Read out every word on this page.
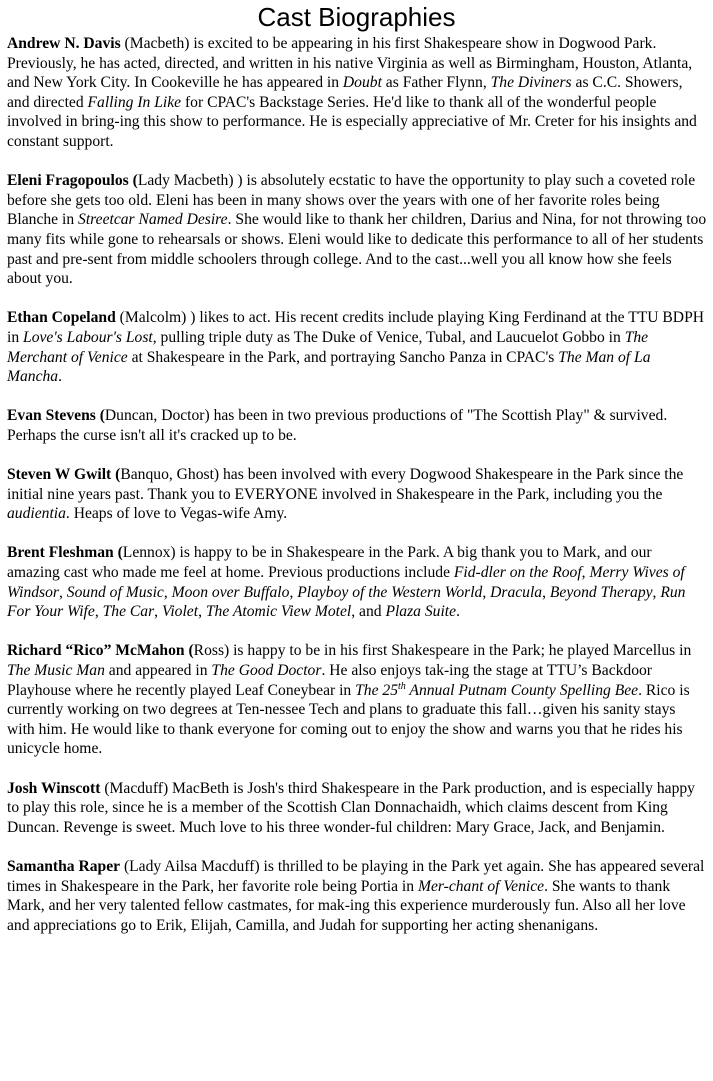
Cast Biographies

Andrew N. Davis (Macbeth) is excited to be appearing in his first Shakespeare show in Dogwood Park. Previously, he has acted, directed, and written in his native Virginia as well as Birmingham, Houston, Atlanta, and New York City. In Cookeville he has appeared in Doubt as Father Flynn, The Diviners as C.C. Showers, and directed Falling In Like for CPAC's Backstage Series. He'd like to thank all of the wonderful people involved in bring-ing this show to performance. He is especially appreciative of Mr. Creter for his insights and constant support.

Eleni Fragopoulos (Lady Macbeth) ) is absolutely ecstatic to have the opportunity to play such a coveted role before she gets too old. Eleni has been in many shows over the years with one of her favorite roles being Blanche in Streetcar Named Desire. She would like to thank her children, Darius and Nina, for not throwing too many fits while gone to rehearsals or shows. Eleni would like to dedicate this performance to all of her students past and pre-sent from middle schoolers through college. And to the cast...well you all know how she feels about you.

Ethan Copeland (Malcolm) ) likes to act. His recent credits include playing King Ferdinand at the TTU BDPH in Love's Labour's Lost, pulling triple duty as The Duke of Venice, Tubal, and Laucuelot Gobbo in The Merchant of Venice at Shakespeare in the Park, and portraying Sancho Panza in CPAC's The Man of La Mancha.

Evan Stevens (Duncan, Doctor) has been in two previous productions of "The Scottish Play" & survived. Perhaps the curse isn't all it's cracked up to be.

Steven W Gwilt (Banquo, Ghost) has been involved with every Dogwood Shakespeare in the Park since the initial nine years past. Thank you to EVERYONE involved in Shakespeare in the Park, including you the audientia. Heaps of love to Vegas-wife Amy.

Brent Fleshman (Lennox) is happy to be in Shakespeare in the Park. A big thank you to Mark, and our amazing cast who made me feel at home. Previous productions include Fid-dler on the Roof, Merry Wives of Windsor, Sound of Music, Moon over Buffalo, Playboy of the Western World, Dracula, Beyond Therapy, Run For Your Wife, The Car, Violet, The Atomic View Motel, and Plaza Suite.

Richard “Rico” McMahon (Ross) is happy to be in his first Shakespeare in the Park; he played Marcellus in The Music Man and appeared in The Good Doctor. He also enjoys tak-ing the stage at TTU’s Backdoor Playhouse where he recently played Leaf Coneybear in The 25th Annual Putnam County Spelling Bee. Rico is currently working on two degrees at Ten-nessee Tech and plans to graduate this fall…given his sanity stays with him. He would like to thank everyone for coming out to enjoy the show and warns you that he rides his unicycle home.

Josh Winscott (Macduff) MacBeth is Josh's third Shakespeare in the Park production, and is especially happy to play this role, since he is a member of the Scottish Clan Donnachaidh, which claims descent from King Duncan. Revenge is sweet. Much love to his three wonder-ful children: Mary Grace, Jack, and Benjamin.

Samantha Raper (Lady Ailsa Macduff) is thrilled to be playing in the Park yet again. She has appeared several times in Shakespeare in the Park, her favorite role being Portia in Mer-chant of Venice. She wants to thank Mark, and her very talented fellow castmates, for mak-ing this experience murderously fun. Also all her love and appreciations go to Erik, Elijah, Camilla, and Judah for supporting her acting shenanigans.
